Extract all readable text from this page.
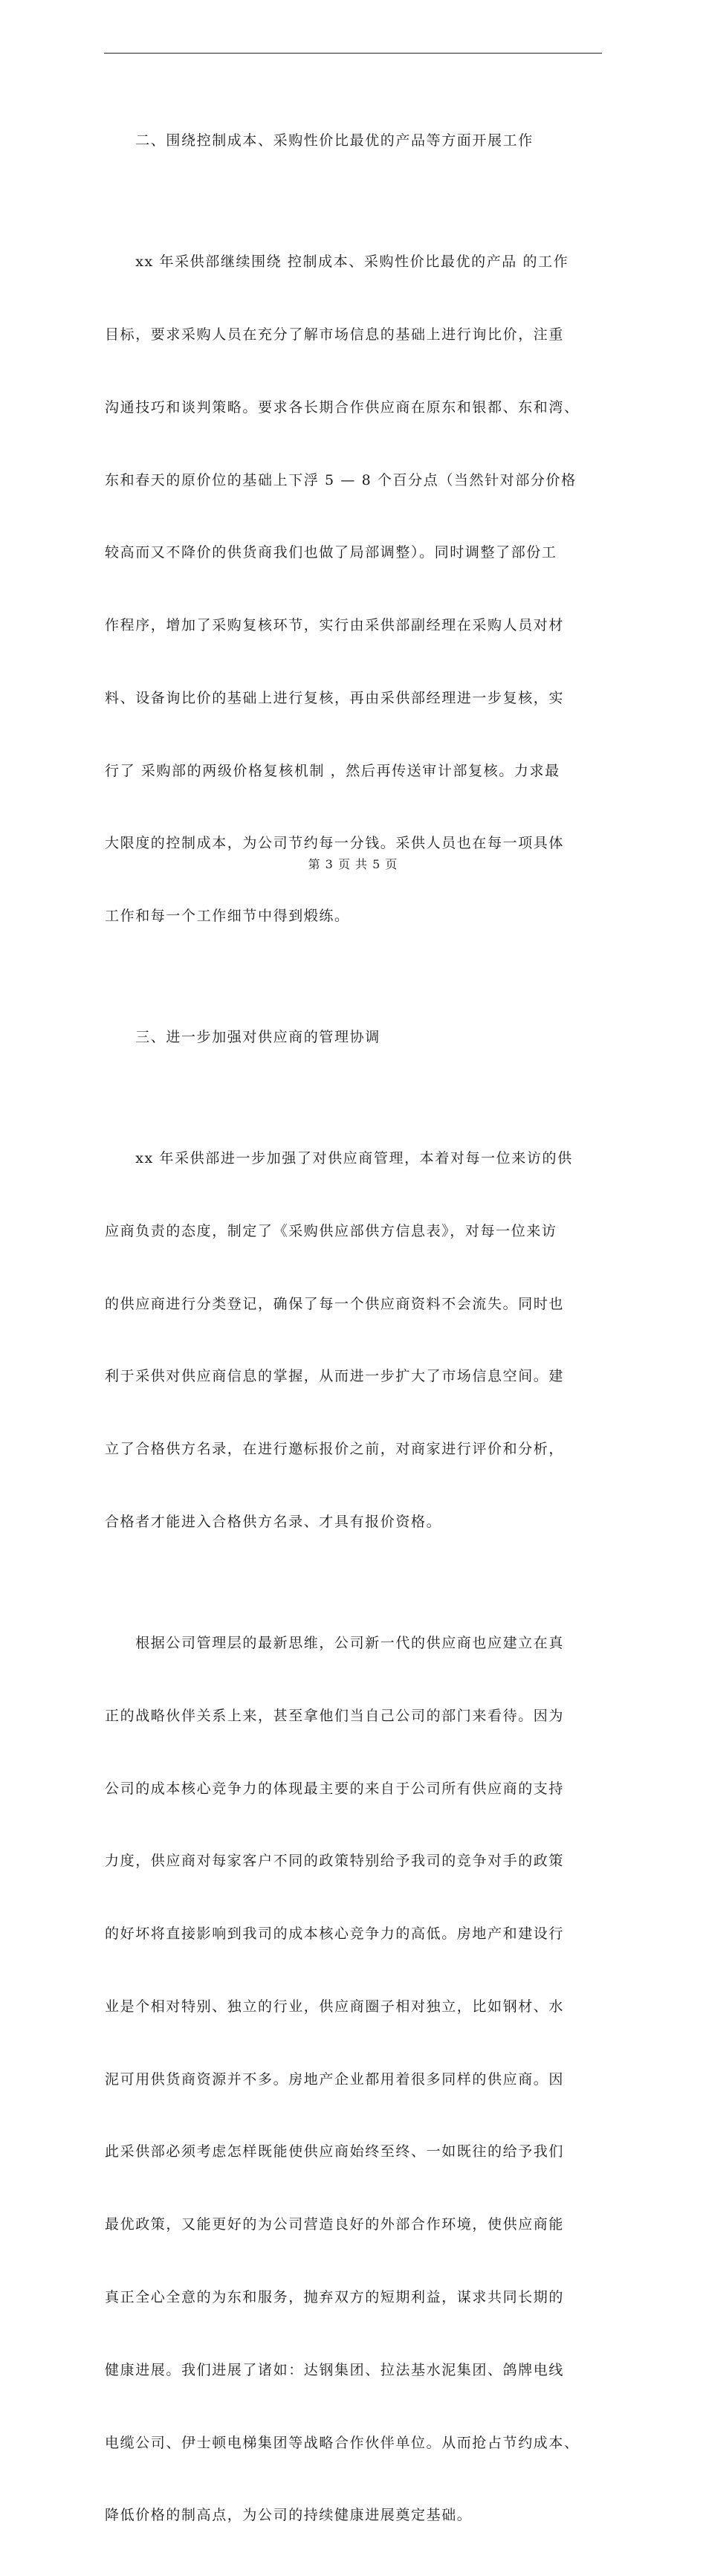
　　二、围绕控制成本、采购性价比最优的产品等方面开展工作

　　xx 年采供部继续围绕 控制成本、采购性价比最优的产品 的工作

目标，要求采购人员在充分了解市场信息的基础上进行询比价，注重

沟通技巧和谈判策略。要求各长期合作供应商在原东和银都、东和湾、

东和春天的原价位的基础上下浮 5 — 8 个百分点（当然针对部分价格

较高而又不降价的供货商我们也做了局部调整）。同时调整了部份工

作程序，增加了采购复核环节，实行由采供部副经理在采购人员对材

料、设备询比价的基础上进行复核，再由采供部经理进一步复核，实

行了 采购部的两级价格复核机制 ，然后再传送审计部复核。力求最

大限度的控制成本，为公司节约每一分钱。采供人员也在每一项具体

工作和每一个工作细节中得到煅练。

　　三、进一步加强对供应商的管理协调

　　xx 年采供部进一步加强了对供应商管理，本着对每一位来访的供

应商负责的态度，制定了《采购供应部供方信息表》，对每一位来访

的供应商进行分类登记，确保了每一个供应商资料不会流失。同时也

利于采供对供应商信息的掌握，从而进一步扩大了市场信息空间。建

立了合格供方名录，在进行邀标报价之前，对商家进行评价和分析，

合格者才能进入合格供方名录、才具有报价资格。

　　根据公司管理层的最新思维，公司新一代的供应商也应建立在真

正的战略伙伴关系上来，甚至拿他们当自己公司的部门来看待。因为

公司的成本核心竞争力的体现最主要的来自于公司所有供应商的支持

力度，供应商对每家客户不同的政策特别给予我司的竞争对手的政策

的好坏将直接影响到我司的成本核心竞争力的高低。房地产和建设行

业是个相对特别、独立的行业，供应商圈子相对独立，比如钢材、水

泥可用供货商资源并不多。房地产企业都用着很多同样的供应商。因

此采供部必须考虑怎样既能使供应商始终至终、一如既往的给予我们

最优政策，又能更好的为公司营造良好的外部合作环境，使供应商能

真正全心全意的为东和服务，抛弃双方的短期利益，谋求共同长期的

健康进展。我们进展了诸如：达钢集团、拉法基水泥集团、鸽牌电线

电缆公司、伊士顿电梯集团等战略合作伙伴单位。从而抢占节约成本、

降低价格的制高点，为公司的持续健康进展奠定基础。

第 3 页 共 5 页
